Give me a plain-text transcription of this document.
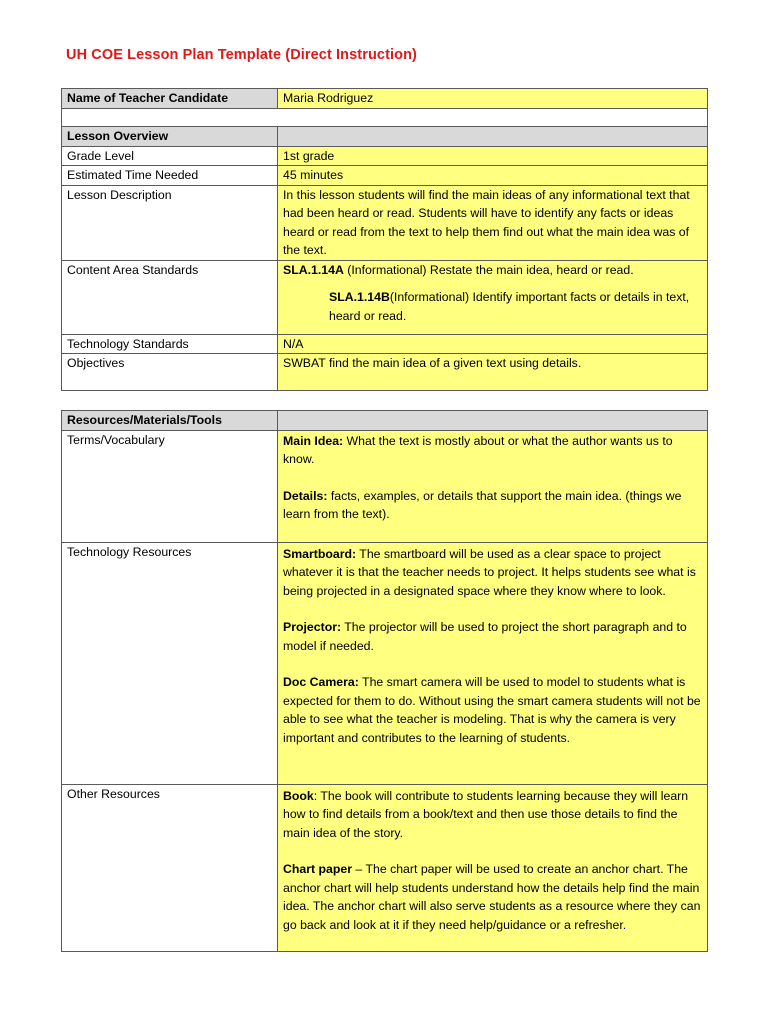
UH COE Lesson Plan Template (Direct Instruction)
Name of Teacher Candidate	Maria Rodriguez

Lesson Overview	
Grade Level	1st grade
Estimated Time Needed	45 minutes
Lesson Description	In this lesson students will find the main ideas of any informational text that had been heard or read. Students will have to identify any facts or ideas heard or read from the text to help them find out what the main idea was of the text.
Content Area Standards	SLA.1.14A (Informational) Restate the main idea, heard or read.
SLA.1.14B(Informational) Identify important facts or details in text, heard or read.

Technology Standards	N/A
Objectives	SWBAT find the main idea of a given text using details.
Resources/Materials/Tools	
Terms/Vocabulary	Main Idea: What the text is mostly about or what the author wants us to know.
Details: facts, examples, or details that support the main idea. (things we learn from the text).

Technology Resources	Smartboard: The smartboard will be used as a clear space to project whatever it is that the teacher needs to project. It helps students see what is being projected in a designated space where they know where to look.
Projector: The projector will be used to project the short paragraph and to model if needed.
Doc Camera: The smart camera will be used to model to students what is expected for them to do. Without using the smart camera students will not be able to see what the teacher is modeling. That is why the camera is very important and contributes to the learning of students.

Other Resources	Book: The book will contribute to students learning because they will learn how to find details from a book/text and then use those details to find the main idea of the story.
Chart paper – The chart paper will be used to create an anchor chart. The anchor chart will help students understand how the details help find the main idea. The anchor chart will also serve students as a resource where they can go back and look at it if they need help/guidance or a refresher.
